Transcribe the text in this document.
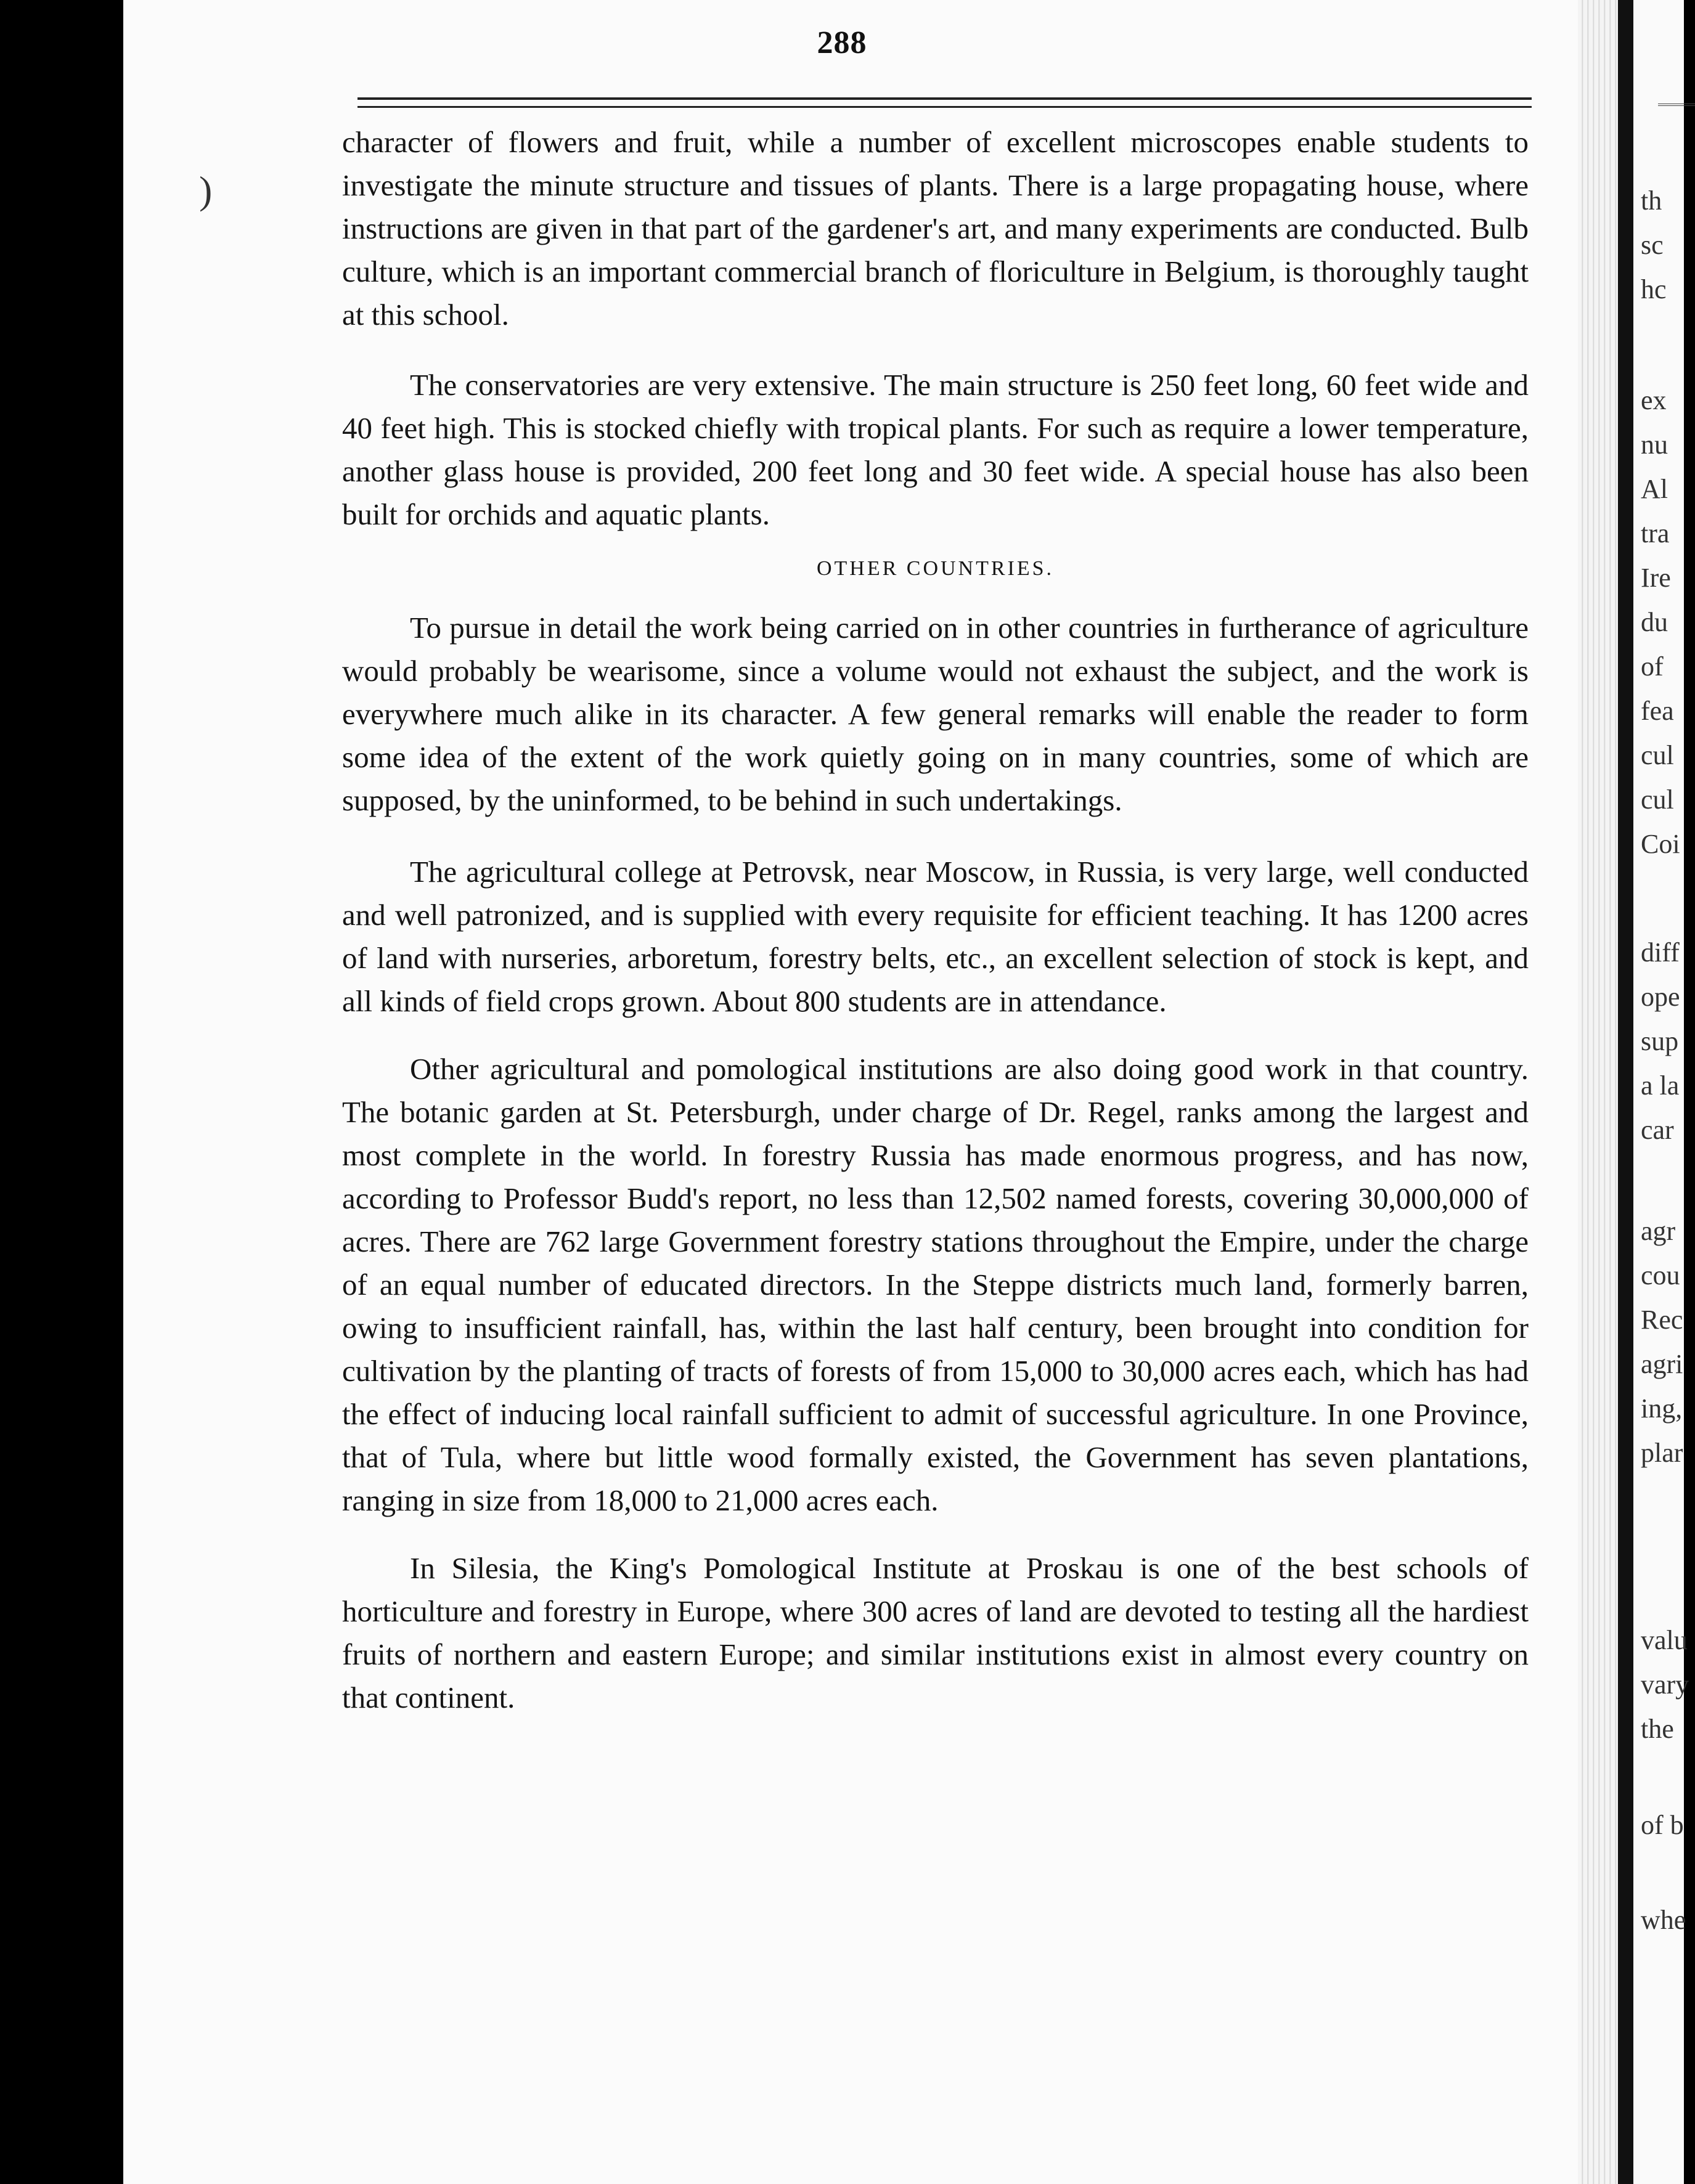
th
sc
hc
ex
nu
Al
tra
Ire
du
of
fea
cul
cul
Coi
diff
ope
sup
a la
car
agr
cou
Rec
agri
ing,
plar
valu
vary
the
of b
whe
)
288

character of flowers and fruit, while a number of excellent microscopes enable students to investigate the minute structure and tissues of plants. There is a large propagating house, where instructions are given in that part of the gardener's art, and many experiments are conducted. Bulb culture, which is an important commercial branch of floriculture in Belgium, is thoroughly taught at this school.

The conservatories are very extensive. The main structure is 250 feet long, 60 feet wide and 40 feet high. This is stocked chiefly with tropical plants. For such as require a lower temperature, another glass house is provided, 200 feet long and 30 feet wide. A special house has also been built for orchids and aquatic plants.

OTHER COUNTRIES.

To pursue in detail the work being carried on in other countries in furtherance of agriculture would probably be wearisome, since a volume would not exhaust the subject, and the work is everywhere much alike in its character. A few general remarks will enable the reader to form some idea of the extent of the work quietly going on in many countries, some of which are supposed, by the uninformed, to be behind in such undertakings.

The agricultural college at Petrovsk, near Moscow, in Russia, is very large, well conducted and well patronized, and is supplied with every requisite for efficient teaching. It has 1200 acres of land with nurseries, arboretum, forestry belts, etc., an excellent selection of stock is kept, and all kinds of field crops grown. About 800 students are in attendance.

Other agricultural and pomological institutions are also doing good work in that country. The botanic garden at St. Petersburgh, under charge of Dr. Regel, ranks among the largest and most complete in the world. In forestry Russia has made enormous progress, and has now, according to Professor Budd's report, no less than 12,502 named forests, covering 30,000,000 of acres. There are 762 large Government forestry stations throughout the Empire, under the charge of an equal number of educated directors. In the Steppe districts much land, formerly barren, owing to insufficient rainfall, has, within the last half century, been brought into condition for cultivation by the planting of tracts of forests of from 15,000 to 30,000 acres each, which has had the effect of inducing local rainfall sufficient to admit of successful agriculture. In one Province, that of Tula, where but little wood formally existed, the Government has seven plantations, ranging in size from 18,000 to 21,000 acres each.

In Silesia, the King's Pomological Institute at Proskau is one of the best schools of horticulture and forestry in Europe, where 300 acres of land are devoted to testing all the hardiest fruits of northern and eastern Europe; and similar institutions exist in almost every country on that continent.
